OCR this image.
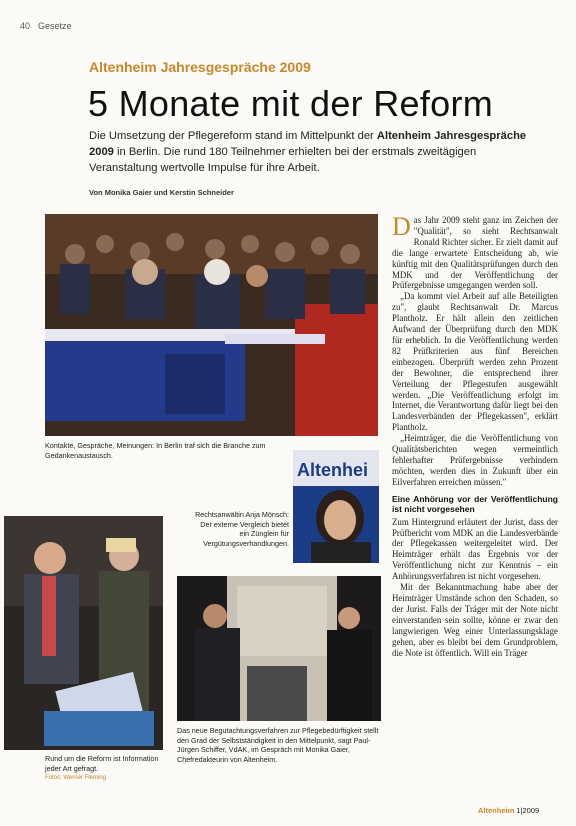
40 Gesetze
Altenheim Jahresgespräche 2009
5 Monate mit der Reform

Die Umsetzung der Pflegereform stand im Mittelpunkt der Altenheim Jahresgespräche 2009 in Berlin. Die rund 180 Teilnehmer erhielten bei der erstmals zweitägigen Veranstaltung wertvolle Impulse für ihre Arbeit.

Von Monika Gaier und Kerstin Schneider
Kontakte, Gespräche, Meinungen: In Berlin traf sich die Branche zum Gedankenaustausch.
Altenhei
Rechtsanwältin Anja Mönsch: Der externe Vergleich bietet ein Zünglein für Vergütungsverhandlungen.
Rund um die Reform ist Information jeder Art gefragt.
Fotos: Werner Fleming
Das neue Begutachtungsverfahren zur Pflegebedürftigkeit stellt den Grad der Selbstständigkeit in den Mittelpunkt, sagt Paul-Jürgen Schiffer, VdAK, im Gespräch mit Monika Gaier, Chefredakteurin von Altenheim.

Das Jahr 2009 steht ganz im Zeichen der "Qualität", so sieht Rechtsanwalt Ronald Richter sicher. Er zielt damit auf die lange erwartete Entscheidung ab, wie künftig mit den Qualitätsprüfungen durch den MDK und der Veröffentlichung der Prüfergebnisse umgegangen werden soll.

„Da kommt viel Arbeit auf alle Beteiligten zu", glaubt Rechtsanwalt Dr. Marcus Plantholz. Er hält allein den zeitlichen Aufwand der Überprüfung durch den MDK für erheblich. In die Veröffentlichung werden 82 Prüfkriterien aus fünf Bereichen einbezogen. Überprüft werden zehn Prozent der Bewohner, die entsprechend ihrer Verteilung der Pflegestufen ausgewählt werden. „Die Veröffentlichung erfolgt im Internet, die Verantwortung dafür liegt bei den Landesverbänden der Pflegekassen", erklärt Plantholz.

„Heimträger, die die Veröffentlichung von Qualitätsberichten wegen vermeintlich fehlerhafter Prüfergebnisse verhindern möchten, werden dies in Zukunft über ein Eilverfahren erreichen müssen."

Eine Anhörung vor der Veröffentlichung ist nicht vorgesehen

Zum Hintergrund erläutert der Jurist, dass der Prüfbericht vom MDK an die Landesverbände der Pflegekassen weitergeleitet wird. Der Heimträger erhält das Ergebnis vor der Veröffentlichung nicht zur Kenntnis – ein Anhörungsverfahren ist nicht vorgesehen.

Mit der Bekanntmachung habe aber der Heimträger Umstände schon den Schaden, so der Jurist. Falls der Träger mit der Note nicht einverstanden sein sollte, könne er zwar den langwierigen Weg einer Unterlassungsklage gehen, aber es bleibt bei dem Grundproblem, die Note ist öffentlich. Will ein Träger

Altenheim 1|2009
